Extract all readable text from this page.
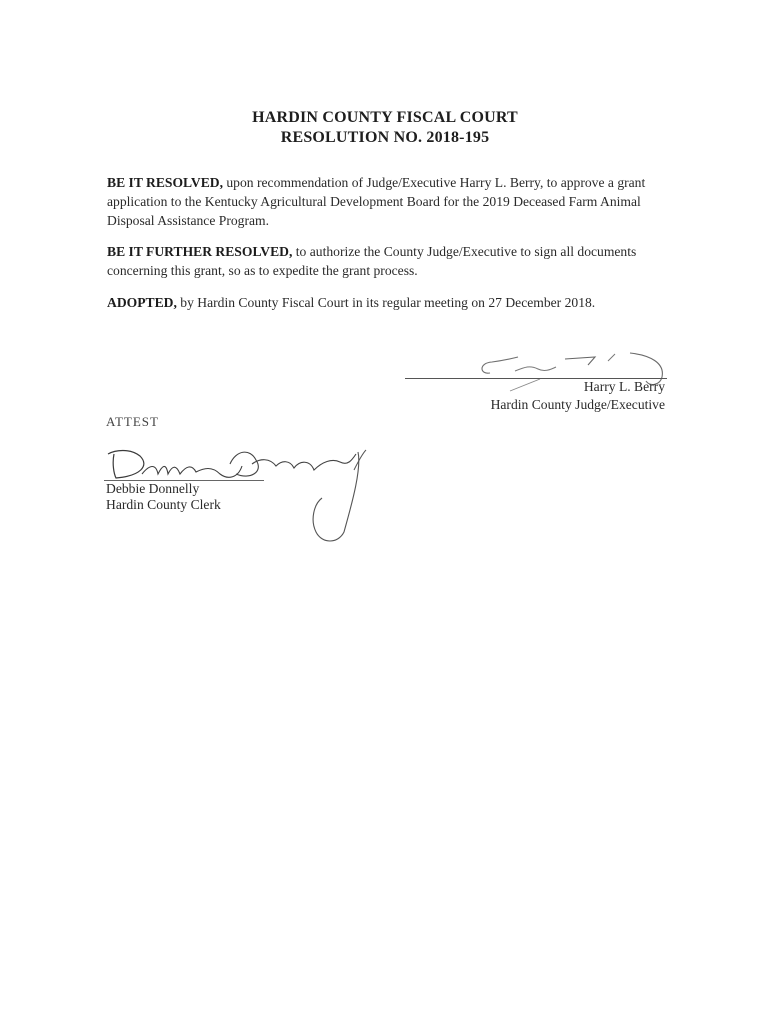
HARDIN COUNTY FISCAL COURT
RESOLUTION NO. 2018-195
BE IT RESOLVED, upon recommendation of Judge/Executive Harry L. Berry, to approve a grant application to the Kentucky Agricultural Development Board for the 2019 Deceased Farm Animal Disposal Assistance Program.
BE IT FURTHER RESOLVED, to authorize the County Judge/Executive to sign all documents concerning this grant, so as to expedite the grant process.
ADOPTED, by Hardin County Fiscal Court in its regular meeting on 27 December 2018.
Harry L. Berry
Hardin County Judge/Executive
ATTEST
Debbie Donnelly
Hardin County Clerk
